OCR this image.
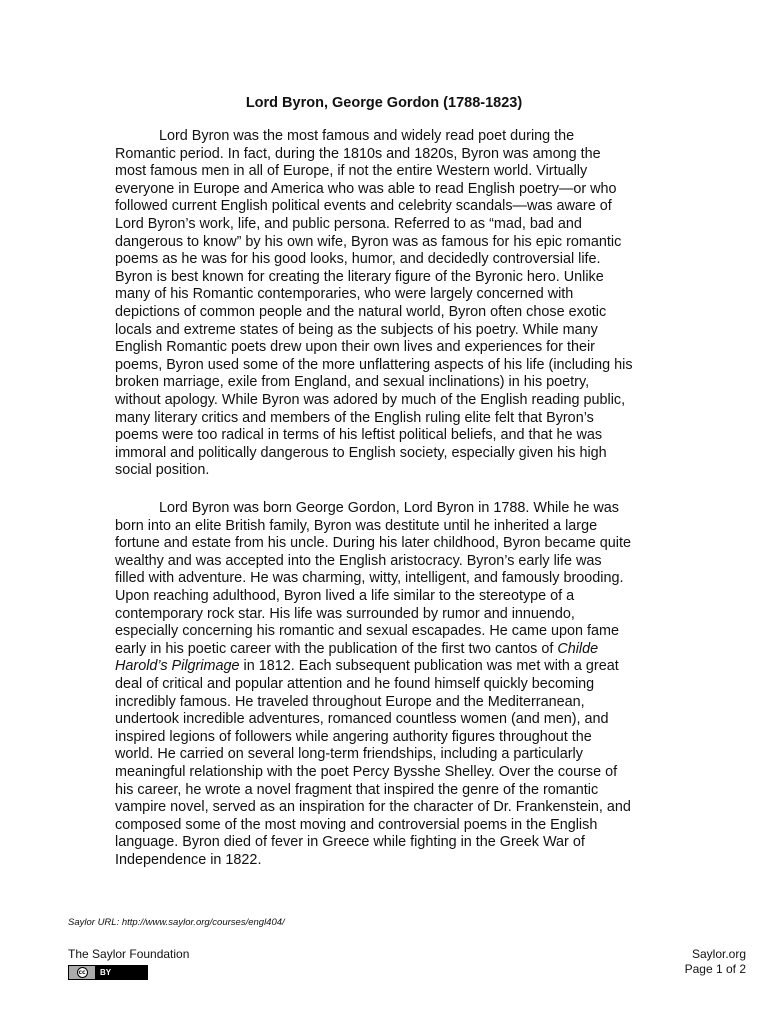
Lord Byron, George Gordon (1788-1823)
Lord Byron was the most famous and widely read poet during the
Romantic period. In fact, during the 1810s and 1820s, Byron was among the
most famous men in all of Europe, if not the entire Western world. Virtually
everyone in Europe and America who was able to read English poetry—or who
followed current English political events and celebrity scandals—was aware of
Lord Byron’s work, life, and public persona. Referred to as “mad, bad and
dangerous to know” by his own wife, Byron was as famous for his epic romantic
poems as he was for his good looks, humor, and decidedly controversial life.
Byron is best known for creating the literary figure of the Byronic hero. Unlike
many of his Romantic contemporaries, who were largely concerned with
depictions of common people and the natural world, Byron often chose exotic
locals and extreme states of being as the subjects of his poetry. While many
English Romantic poets drew upon their own lives and experiences for their
poems, Byron used some of the more unflattering aspects of his life (including his
broken marriage, exile from England, and sexual inclinations) in his poetry,
without apology. While Byron was adored by much of the English reading public,
many literary critics and members of the English ruling elite felt that Byron’s
poems were too radical in terms of his leftist political beliefs, and that he was
immoral and politically dangerous to English society, especially given his high
social position.
Lord Byron was born George Gordon, Lord Byron in 1788. While he was
born into an elite British family, Byron was destitute until he inherited a large
fortune and estate from his uncle. During his later childhood, Byron became quite
wealthy and was accepted into the English aristocracy. Byron’s early life was
filled with adventure. He was charming, witty, intelligent, and famously brooding.
Upon reaching adulthood, Byron lived a life similar to the stereotype of a
contemporary rock star. His life was surrounded by rumor and innuendo,
especially concerning his romantic and sexual escapades. He came upon fame
early in his poetic career with the publication of the first two cantos of Childe
Harold’s Pilgrimage in 1812. Each subsequent publication was met with a great
deal of critical and popular attention and he found himself quickly becoming
incredibly famous. He traveled throughout Europe and the Mediterranean,
undertook incredible adventures, romanced countless women (and men), and
inspired legions of followers while angering authority figures throughout the
world. He carried on several long-term friendships, including a particularly
meaningful relationship with the poet Percy Bysshe Shelley. Over the course of
his career, he wrote a novel fragment that inspired the genre of the romantic
vampire novel, served as an inspiration for the character of Dr. Frankenstein, and
composed some of the most moving and controversial poems in the English
language. Byron died of fever in Greece while fighting in the Greek War of
Independence in 1822.
Saylor URL: http://www.saylor.org/courses/engl404/
The Saylor Foundation
cc	BY
Saylor.org
Page 1 of 2
